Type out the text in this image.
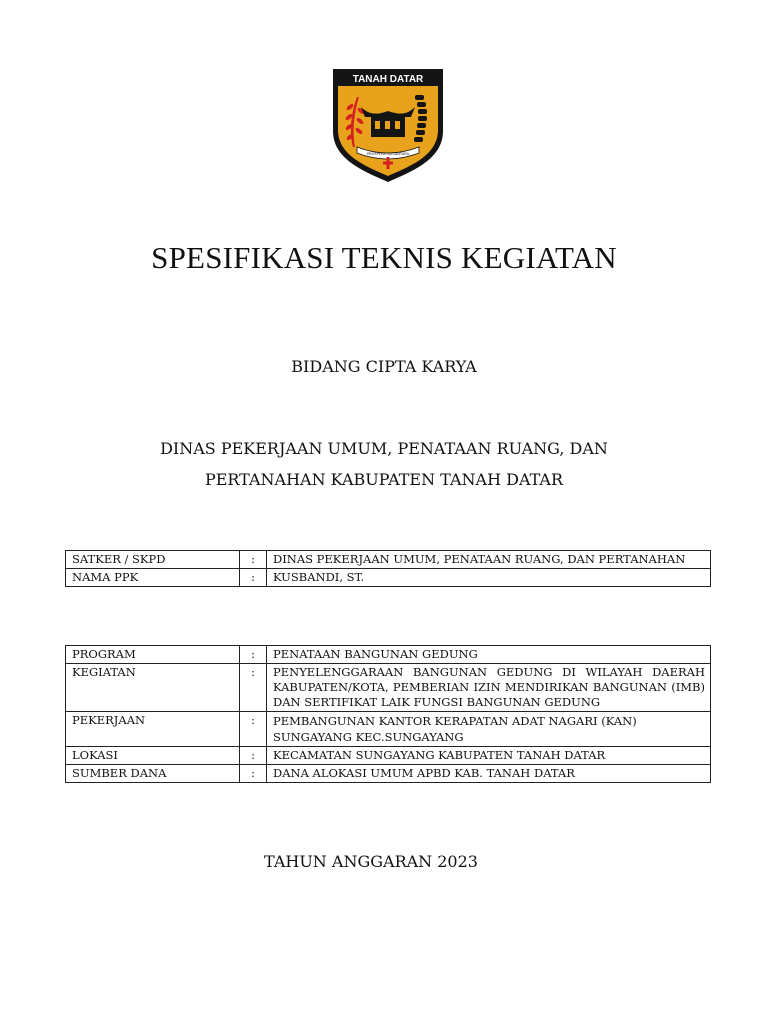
TANAH DATAR
PROSPERA NUSANTARA
SPESIFIKASI TEKNIS KEGIATAN
BIDANG CIPTA KARYA
DINAS PEKERJAAN UMUM, PENATAAN RUANG, DAN
PERTANAHAN KABUPATEN TANAH DATAR
SATKER / SKPD	:	DINAS PEKERJAAN UMUM, PENATAAN RUANG, DAN PERTANAHAN
NAMA PPK	:	KUSBANDI, ST.
PROGRAM	:	PENATAAN BANGUNAN GEDUNG
KEGIATAN	:	PENYELENGGARAAN BANGUNAN GEDUNG DI WILAYAH DAERAH KABUPATEN/KOTA, PEMBERIAN IZIN MENDIRIKAN BANGUNAN (IMB) DAN SERTIFIKAT LAIK FUNGSI BANGUNAN GEDUNG
PEKERJAAN	:	PEMBANGUNAN KANTOR KERAPATAN ADAT NAGARI (KAN) SUNGAYANG KEC.SUNGAYANG
LOKASI	:	KECAMATAN SUNGAYANG KABUPATEN TANAH DATAR
SUMBER DANA	:	DANA ALOKASI UMUM APBD KAB. TANAH DATAR
TAHUN ANGGARAN 2023
